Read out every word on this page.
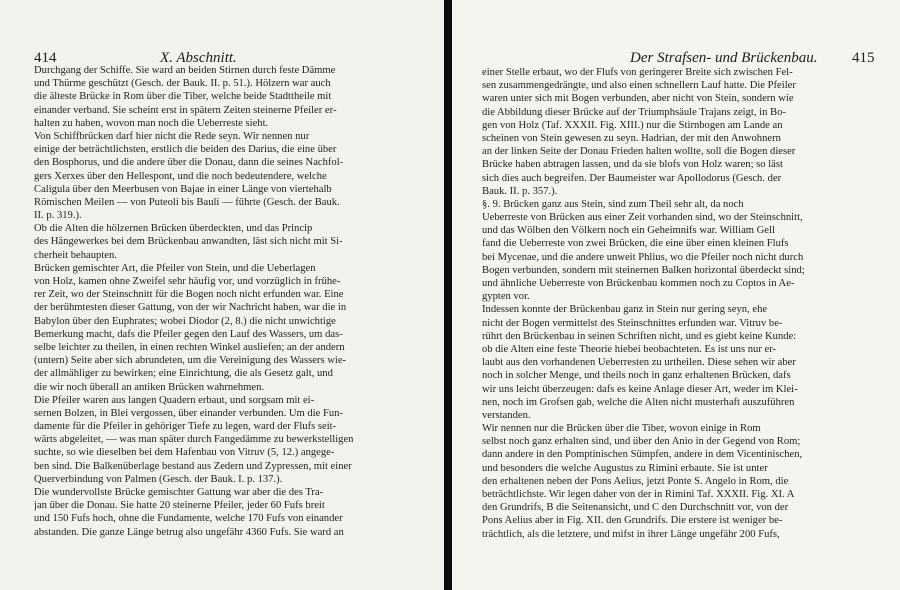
414	X. Abschnitt.
Durchgang der Schiffe. Sie ward an beiden Stirnen durch feste Dämme
und Thürme geschützt (Gesch. der Bauk. II. p. 51.). Hölzern war auch
die älteste Brücke in Rom über die Tiber, welche beide Stadttheile mit
einander verband. Sie scheint erst in spätern Zeiten steinerne Pfeiler er-
halten zu haben, wovon man noch die Ueberreste sieht.
Von Schiffbrücken darf hier nicht die Rede seyn. Wir nennen nur
einige der beträchtlichsten, erstlich die beiden des Darius, die eine über
den Bosphorus, und die andere über die Donau, dann die seines Nachfol-
gers Xerxes über den Hellespont, und die noch bedeutendere, welche
Caligula über den Meerbusen von Bajae in einer Länge von viertehalb
Römischen Meilen — von Puteoli bis Bauli — führte (Gesch. der Bauk.
II. p. 319.).
Ob die Alten die hölzernen Brücken überdeckten, und das Princip
des Hängewerkes bei dem Brückenbau anwandten, läst sich nicht mit Si-
cherheit behaupten.
Brücken gemischter Art, die Pfeiler von Stein, und die Ueberlagen
von Holz, kamen ohne Zweifel sehr häufig vor, und vorzüglich in frühe-
rer Zeit, wo der Steinschnitt für die Bogen noch nicht erfunden war. Eine
der berühmtesten dieser Gattung, von der wir Nachricht haben, war die in
Babylon über den Euphrates; wobei Diodor (2, 8.) die nicht unwichtige
Bemerkung macht, dafs die Pfeiler gegen den Lauf des Wassers, um das-
selbe leichter zu theilen, in einen rechten Winkel ausliefen; an der andern
(untern) Seite aber sich abrundeten, um die Vereinigung des Wassers wie-
der allmähliger zu bewirken; eine Einrichtung, die als Gesetz galt, und
die wir noch überall an antiken Brücken wahrnehmen.
Die Pfeiler waren aus langen Quadern erbaut, und sorgsam mit ei-
sernen Bolzen, in Blei vergossen, über einander verbunden. Um die Fun-
damente für die Pfeiler in gehöriger Tiefe zu legen, ward der Flufs seit-
wärts abgeleitet, — was man später durch Fangedämme zu bewerkstelligen
suchte, so wie dieselben bei dem Hafenbau von Vitruv (5, 12.) angege-
ben sind. Die Balkenüberlage bestand aus Zedern und Zypressen, mit einer
Querverbindung von Palmen (Gesch. der Bauk. I. p. 137.).
Die wundervollste Brücke gemischter Gattung war aber die des Tra-
jan über die Donau. Sie hatte 20 steinerne Pfeiler, jeder 60 Fufs breit
und 150 Fufs hoch, ohne die Fundamente, welche 170 Fufs von einander
abstanden. Die ganze Länge betrug also ungefähr 4360 Fufs. Sie ward an
Der Strafsen- und Brückenbau. 415
einer Stelle erbaut, wo der Flufs von geringerer Breite sich zwischen Fel-
sen zusammengedrängte, und also einen schnellern Lauf hatte. Die Pfeiler
waren unter sich mit Bogen verbunden, aber nicht von Stein, sondern wie
die Abbildung dieser Brücke auf der Triumphsäule Trajans zeigt, in Bo-
gen von Holz (Taf. XXXII. Fig. XIII.) nur die Stirnbogen am Lande an
scheinen von Stein gewesen zu seyn. Hadrian, der mit den Anwohnern
an der linken Seite der Donau Frieden halten wollte, soll die Bogen dieser
Brücke haben abtragen lassen, und da sie blofs von Holz waren; so läst
sich dies auch begreifen. Der Baumeister war Apollodorus (Gesch. der
Bauk. II. p. 357.).
§. 9. Brücken ganz aus Stein, sind zum Theil sehr alt, da noch
Ueberreste von Brücken aus einer Zeit vorhanden sind, wo der Steinschnitt,
und das Wölben den Völkern noch ein Geheimnifs war. William Gell
fand die Ueberreste von zwei Brücken, die eine über einen kleinen Flufs
bei Mycenae, und die andere unweit Phlius, wo die Pfeiler noch nicht durch
Bogen verbunden, sondern mit steinernen Balken horizontal überdeckt sind;
und ähnliche Ueberreste von Brückenbau kommen noch zu Coptos in Ae-
gypten vor.
Indessen konnte der Brückenbau ganz in Stein nur gering seyn, ehe
nicht der Bogen vermittelst des Steinschnittes erfunden war. Vitruv be-
rührt den Brückenbau in seinen Schriften nicht, und es giebt keine Kunde:
ob die Alten eine feste Theorie hiebei beobachteten. Es ist uns nur er-
laubt aus den vorhandenen Ueberresten zu urtheilen. Diese sehen wir aber
noch in solcher Menge, und theils noch in ganz erhaltenen Brücken, dafs
wir uns leicht überzeugen: dafs es keine Anlage dieser Art, weder im Klei-
nen, noch im Grofsen gab, welche die Alten nicht musterhaft auszuführen
verstanden.
Wir nennen nur die Brücken über die Tiber, wovon einige in Rom
selbst noch ganz erhalten sind, und über den Anio in der Gegend von Rom;
dann andere in den Pomptinischen Sümpfen, andere in dem Vicentinischen,
und besonders die welche Augustus zu Rimini erbaute. Sie ist unter
den erhaltenen neben der Pons Aelius, jetzt Ponte S. Angelo in Rom, die
beträchtlichste. Wir legen daher von der in Rimini Taf. XXXII. Fig. XI. A
den Grundrifs, B die Seitenansicht, und C den Durchschnitt vor, von der
Pons Aelius aber in Fig. XII. den Grundrifs. Die erstere ist weniger be-
trächtlich, als die letztere, und mifst in ihrer Länge ungefähr 200 Fufs,
